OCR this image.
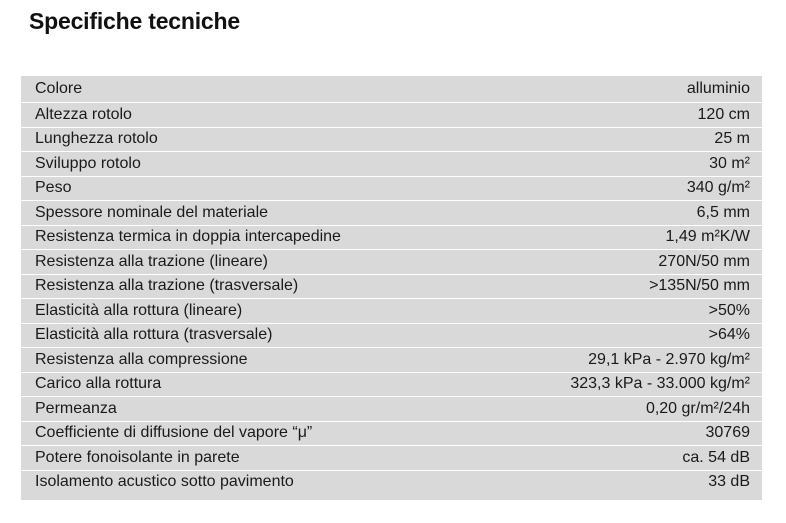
Specifiche tecniche
Colore	alluminio
Altezza rotolo	120 cm
Lunghezza rotolo	25 m
Sviluppo rotolo	30 m²
Peso	340 g/m²
Spessore nominale del materiale	6,5 mm
Resistenza termica in doppia intercapedine	1,49 m²K/W
Resistenza alla trazione (lineare)	270N/50 mm
Resistenza alla trazione (trasversale)	>135N/50 mm
Elasticità alla rottura (lineare)	>50%
Elasticità alla rottura (trasversale)	>64%
Resistenza alla compressione	29,1 kPa - 2.970 kg/m²
Carico alla rottura	323,3 kPa - 33.000 kg/m²
Permeanza	0,20 gr/m²/24h
Coefficiente di diffusione del vapore “μ”	30769
Potere fonoisolante in parete	ca. 54 dB
Isolamento acustico sotto pavimento	33 dB
